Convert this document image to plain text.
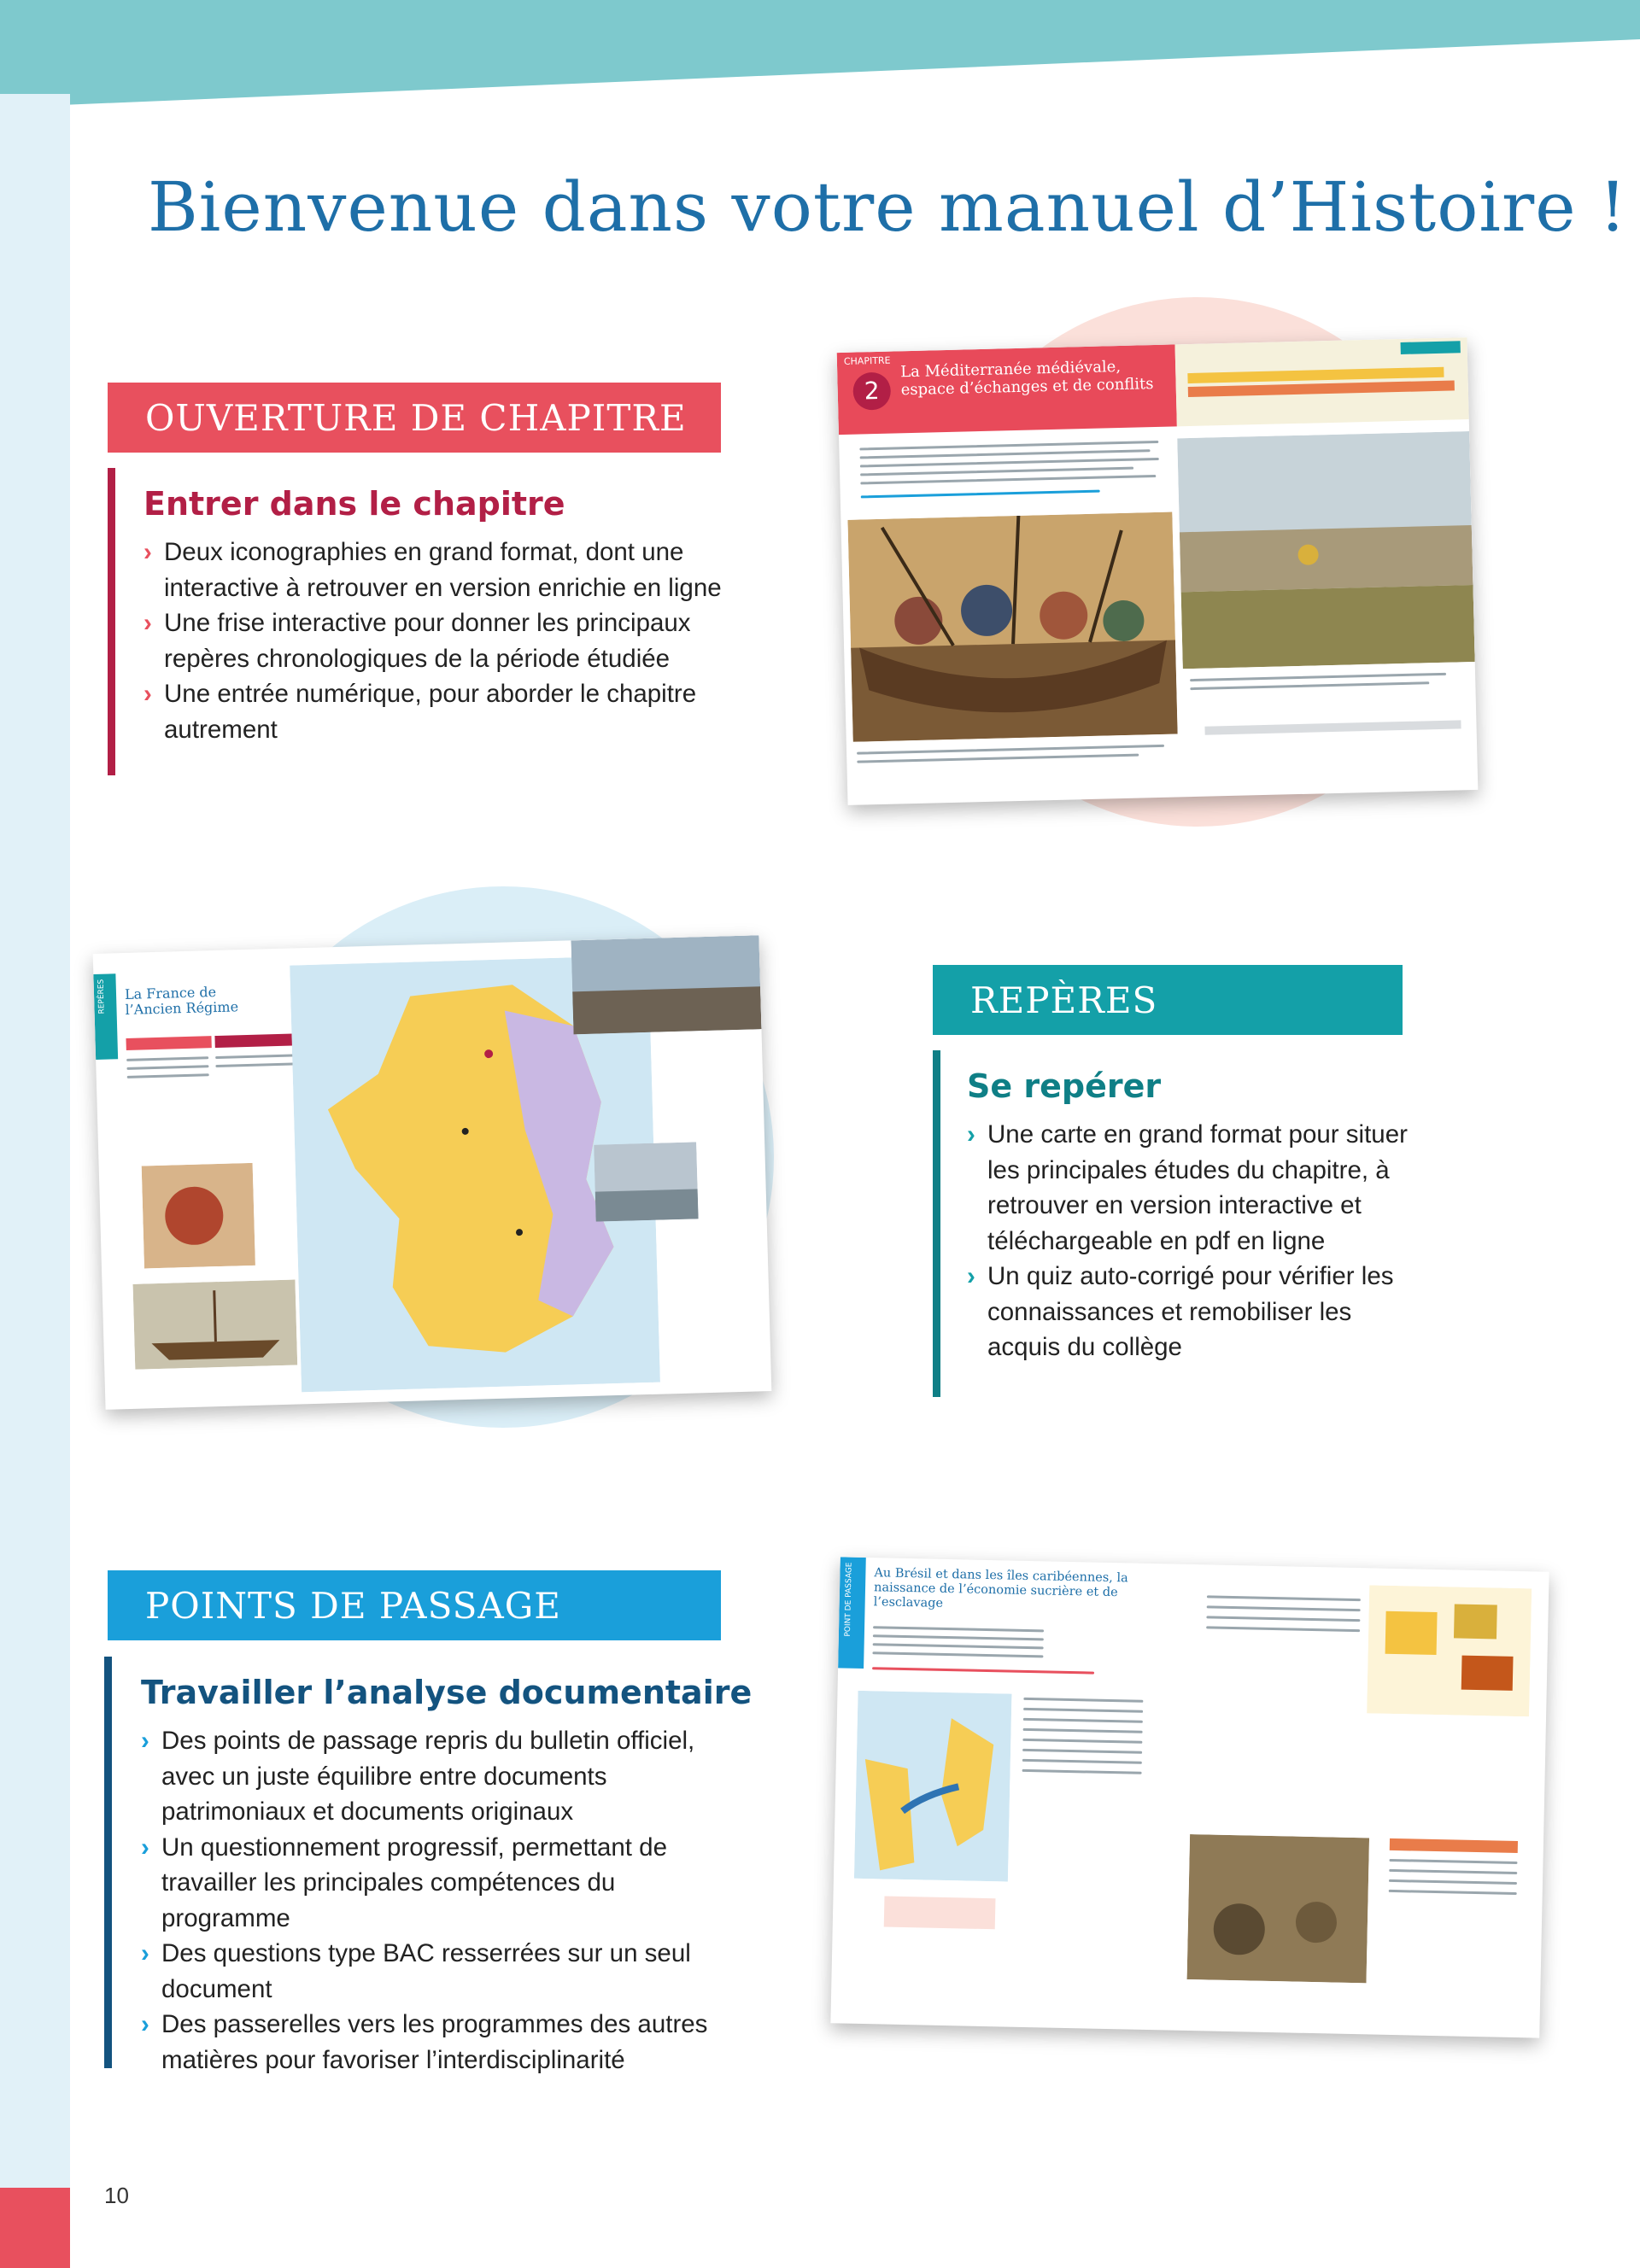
10
Bienvenue dans votre manuel d’Histoire !
OUVERTURE DE CHAPITRE
Entrer dans le chapitre
› Deux iconographies en grand format, dont une interactive à retrouver en version enrichie en ligne
› Une frise interactive pour donner les principaux repères chronologiques de la période étudiée
› Une entrée numérique, pour aborder le chapitre autrement
CHAPITRE
2
La Méditerranée médiévale, espace d’échanges et de conflits
REPÈRES La France de l’Ancien Régime	REPÈRES
Se repérer
› Une carte en grand format pour situer les principales études du chapitre, à retrouver en version interactive et téléchargeable en pdf en ligne
› Un quiz auto-corrigé pour vérifier les connaissances et remobiliser les acquis du collège
POINTS DE PASSAGE
Travailler l’analyse documentaire
› Des points de passage repris du bulletin officiel, avec un juste équilibre entre documents patrimoniaux et documents originaux
› Un questionnement progressif, permettant de travailler les principales compétences du programme
› Des questions type BAC resserrées sur un seul document
› Des passerelles vers les programmes des autres matières pour favoriser l’interdisciplinarité
POINT DE PASSAGE Au Brésil et dans les îles caribéennes, la naissance de l’économie sucrière et de l’esclavage
